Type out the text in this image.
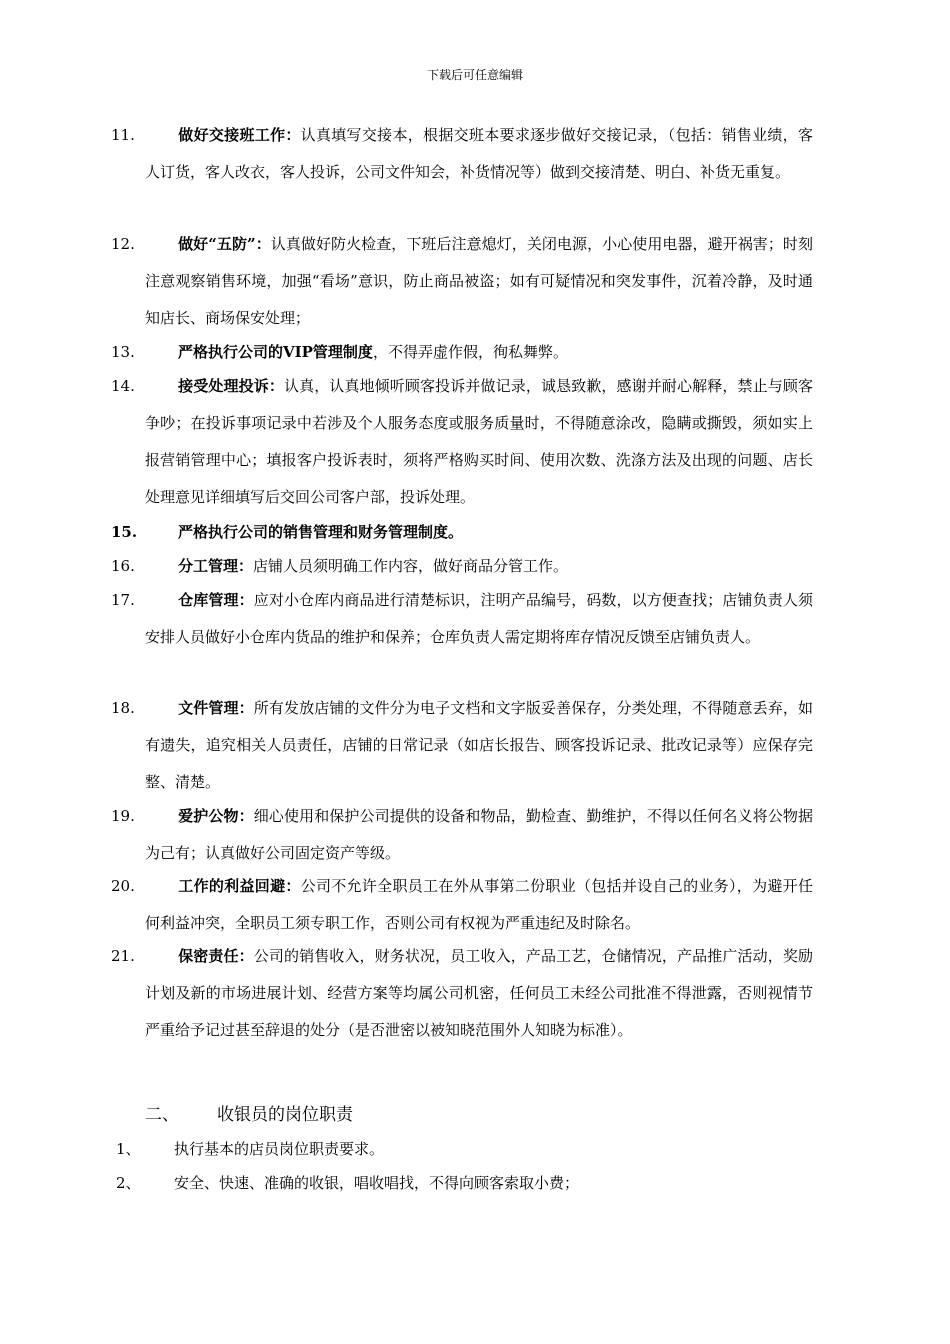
下载后可任意编辑
11.	做好交接班工作：认真填写交接本，根据交班本要求逐步做好交接记录，（包括：销售业绩，客人订货，客人改衣，客人投诉，公司文件知会，补货情况等）做到交接清楚、明白、补货无重复。
12.	做好“五防”：认真做好防火检查，下班后注意熄灯，关闭电源，小心使用电器，避开祸害；时刻注意观察销售环境，加强“看场”意识，防止商品被盗；如有可疑情况和突发事件，沉着冷静，及时通知店长、商场保安处理；
13.	严格执行公司的VIP管理制度，不得弄虚作假，徇私舞弊。
14.	接受处理投诉：认真，认真地倾听顾客投诉并做记录，诚恳致歉，感谢并耐心解释，禁止与顾客争吵；在投诉事项记录中若涉及个人服务态度或服务质量时，不得随意涂改，隐瞒或撕毁，须如实上报营销管理中心；填报客户投诉表时，须将严格购买时间、使用次数、洗涤方法及出现的问题、店长处理意见详细填写后交回公司客户部，投诉处理。
15.	严格执行公司的销售管理和财务管理制度。
16.	分工管理：店铺人员须明确工作内容，做好商品分管工作。
17.	仓库管理：应对小仓库内商品进行清楚标识，注明产品编号，码数，以方便查找；店铺负责人须安排人员做好小仓库内货品的维护和保养；仓库负责人需定期将库存情况反馈至店铺负责人。
18.	文件管理：所有发放店铺的文件分为电子文档和文字版妥善保存，分类处理，不得随意丢弃，如有遗失，追究相关人员责任，店铺的日常记录（如店长报告、顾客投诉记录、批改记录等）应保存完整、清楚。
19.	爱护公物：细心使用和保护公司提供的设备和物品，勤检查、勤维护，不得以任何名义将公物据为己有；认真做好公司固定资产等级。
20.	工作的利益回避：公司不允许全职员工在外从事第二份职业（包括并设自己的业务），为避开任何利益冲突，全职员工须专职工作，否则公司有权视为严重违纪及时除名。
21.	保密责任：公司的销售收入，财务状况，员工收入，产品工艺，仓储情况，产品推广活动，奖励计划及新的市场进展计划、经营方案等均属公司机密，任何员工未经公司批准不得泄露，否则视情节严重给予记过甚至辞退的处分（是否泄密以被知晓范围外人知晓为标准）。
二、 收银员的岗位职责
1、 执行基本的店员岗位职责要求。
2、 安全、快速、准确的收银，唱收唱找，不得向顾客索取小费；
